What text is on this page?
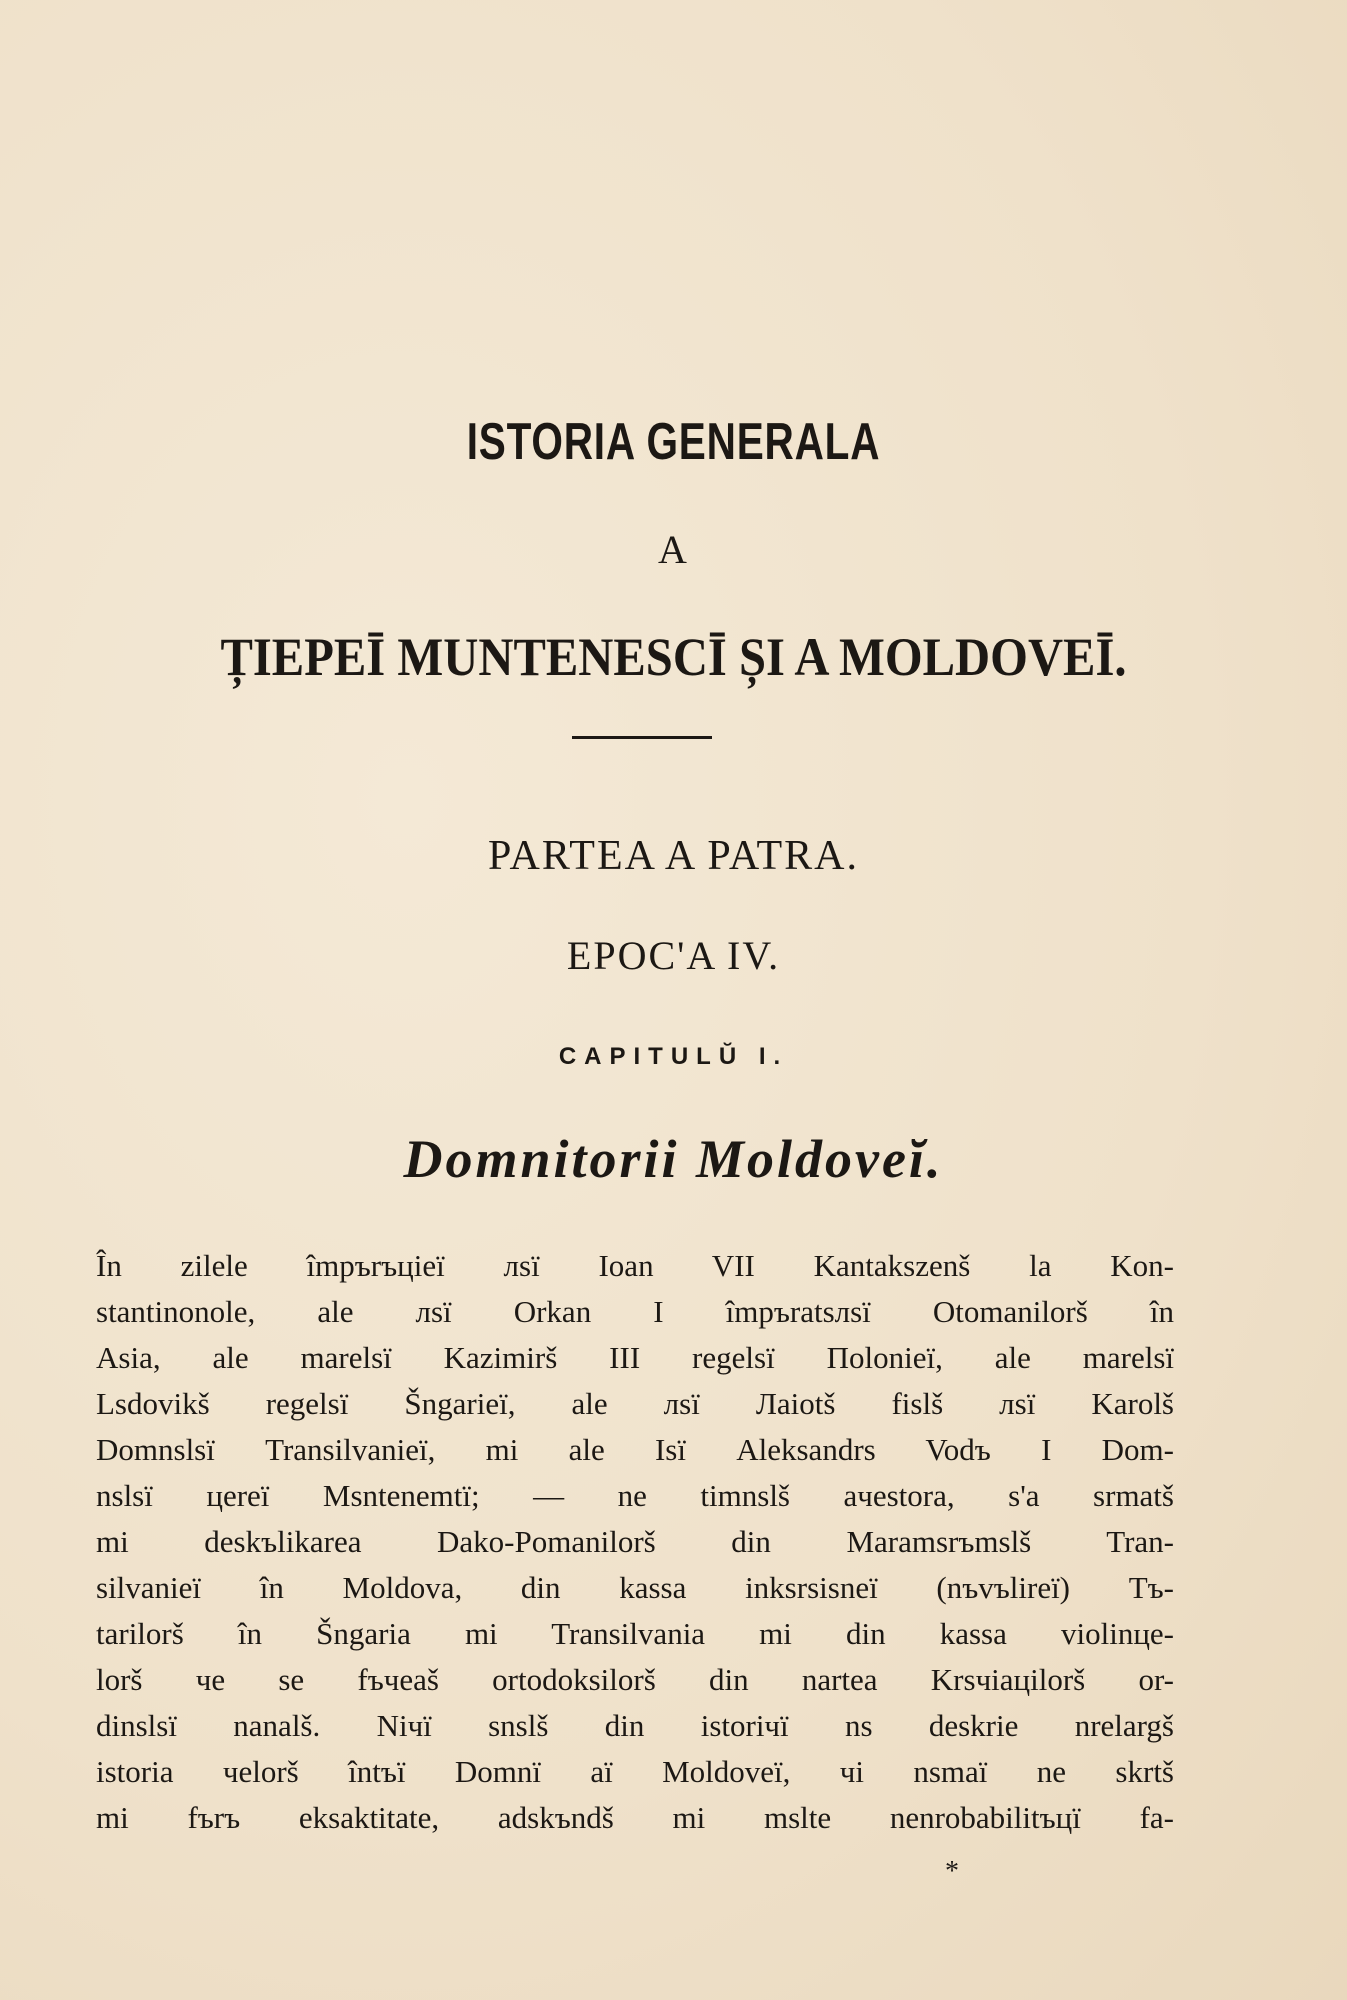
ISTORIA GENERALA
A
ȚIEPEĪ MUNTENESCĪ ȘI A MOLDOVEĪ.
PARTEA A PATRA.
EPOC'A IV.
CAPITULŬ I.
Domnitorii Moldoveĭ.
În zilele împъrъцieї лsї Ioan VII Kantakszenš la Kon-
stantinonole, ale лsї Orkan I împъratsлsї Otomanilorš în
Asia, ale marelsї Kazimirš III regelsї Пolonieї, ale marelsї
Lsdovikš regelsї Šngarieї, ale лsї Лaiotš fislš лsї Karolš
Domnslsї Transilvanieї, mi ale Isї Aleksandrs Vodъ I Dom-
nslsї цereї Msntenemtї; — ne timnslš aчestora, s'a srmatš
mi deskъlikarea Dako-Pomanilorš din Maramsrъmslš Tran-
silvanieї în Moldova, din kassa inksrsisneї (nъvъlireї) Tъ-
tarilorš în Šngaria mi Transilvania mi din kassa violinцe-
lorš чe se fъчeaš ortodoksilorš din nartea Krsчiaцilorš or-
dinslsї nanalš. Niчї snslš din istoriчї ns deskrie nrelargš
istoria чelorš întъї Domnї aї Moldoveї, чi nsmaї ne skrtš
mi fъrъ eksaktitate, adskъndš mi mslte nenrobabilitъцї fa-
*
